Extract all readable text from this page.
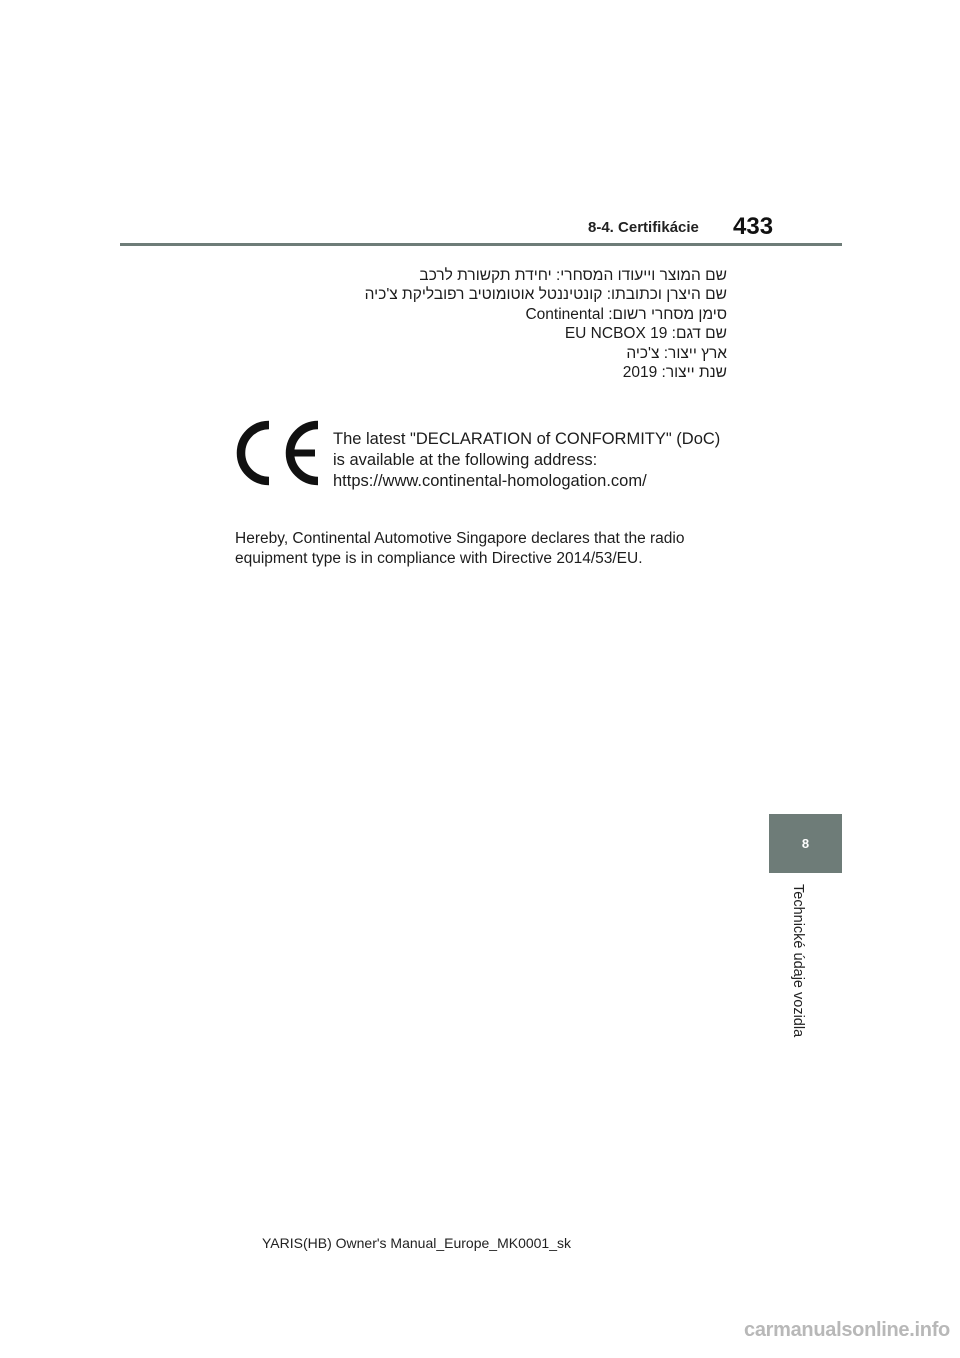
8-4. Certifikácie 433
שם המוצר וייעודו המסחרי: יחידת תקשורת לרכב
שם היצרן וכתובתו: קונטיננטל אוטומוטיב רפובליקת צ'כיה
סימן מסחרי רשום: Continental
שם דגם: EU NCBOX 19
ארץ ייצור: צ'כיה
שנת ייצור: 2019
The latest "DECLARATION of CONFORMITY" (DoC)
is available at the following address:
https://www.continental-homologation.com/
Hereby, Continental Automotive Singapore declares that the radio
equipment type is in compliance with Directive 2014/53/EU.
8
Technické údaje vozidla
YARIS(HB) Owner's Manual_Europe_MK0001_sk
carmanualsonline.info
